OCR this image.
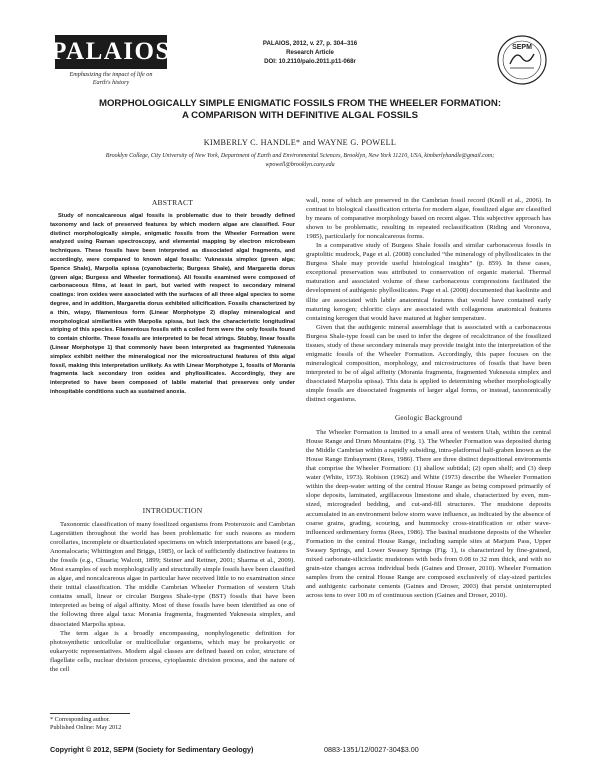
PALAIOS
Emphasizing the impact of life on
Earth's history
PALAIOS, 2012, v. 27, p. 304–316
Research Article
DOI: 10.2110/palo.2011.p11-068r
SEPM
MORPHOLOGICALLY SIMPLE ENIGMATIC FOSSILS FROM THE WHEELER FORMATION:
A COMPARISON WITH DEFINITIVE ALGAL FOSSILS
KIMBERLY C. HANDLE* and WAYNE G. POWELL
Brooklyn College, City University of New York, Department of Earth and Environmental Sciences, Brooklyn, New York 11210, USA, kimberlyhandle@gmail.com;
wpowell@brooklyn.cuny.edu
ABSTRACT

Study of noncalcareous algal fossils is problematic due to their broadly defined taxonomy and lack of preserved features by which modern algae are classified. Four distinct morphologically simple, enigmatic fossils from the Wheeler Formation were analyzed using Raman spectroscopy, and elemental mapping by electron microbeam techniques. These fossils have been interpreted as dissociated algal fragments, and accordingly, were compared to known algal fossils: Yuknessia simplex (green alga; Spence Shale), Marpolia spissa (cyanobacteria; Burgess Shale), and Margaretia dorus (green alga; Burgess and Wheeler formations). All fossils examined were composed of carbonaceous films, at least in part, but varied with respect to secondary mineral coatings: iron oxides were associated with the surfaces of all three algal species to some degree, and in addition, Margaretia dorus exhibited silicification. Fossils characterized by a thin, wispy, filamentous form (Linear Morphotype 2) display mineralogical and morphological similarities with Marpolia spissa, but lack the characteristic longitudinal striping of this species. Filamentous fossils with a coiled form were the only fossils found to contain chlorite. These fossils are interpreted to be fecal strings. Stubby, linear fossils (Linear Morphotype 1) that commonly have been interpreted as fragmented Yuknessia simplex exhibit neither the mineralogical nor the microstructural features of this algal fossil, making this interpretation unlikely. As with Linear Morphotype 1, fossils of Morania fragmenta lack secondary iron oxides and phyllosilicates. Accordingly, they are interpreted to have been composed of labile material that preserves only under inhospitable conditions such as sustained anoxia.

INTRODUCTION

Taxonomic classification of many fossilized organisms from Proterozoic and Cambrian Lagerstätten throughout the world has been problematic for such reasons as modern corollaries, incomplete or disarticulated specimens on which interpretations are based (e.g., Anomalocaris; Whittington and Briggs, 1985), or lack of sufficiently distinctive features in the fossils (e.g., Chuaria; Walcott, 1899; Steiner and Reitner, 2001; Sharma et al., 2009). Most examples of such morphologically and structurally simple fossils have been classified as algae, and noncalcareous algae in particular have received little to no examination since their initial classification. The middle Cambrian Wheeler Formation of western Utah contains small, linear or circular Burgess Shale-type (BST) fossils that have been interpreted as being of algal affinity. Most of these fossils have been identified as one of the following three algal taxa: Morania fragmenta, fragmented Yuknessia simplex, and dissociated Marpolia spissa.

The term algae is a broadly encompassing, nonphylogenetic definition for photosynthetic unicellular or multicellular organisms, which may be prokaryotic or eukaryotic representatives. Modern algal classes are defined based on color, structure of flagellate cells, nuclear division process, cytoplasmic division process, and the nature of the cell

* Corresponding author.
Published Online: May 2012

wall, none of which are preserved in the Cambrian fossil record (Knoll et al., 2006). In contrast to biological classification criteria for modern algae, fossilized algae are classified by means of comparative morphology based on recent algae. This subjective approach has shown to be problematic, resulting in repeated reclassification (Riding and Voronova, 1985), particularly for noncalcareous forms.

In a comparative study of Burgess Shale fossils and similar carbonaceous fossils in graptolitic mudrock, Page et al. (2008) concluded “the mineralogy of phyllosilicates in the Burgess Shale may provide useful histological insights” (p. 859). In these cases, exceptional preservation was attributed to conservation of organic material. Thermal maturation and associated volume of these carbonaceous compressions facilitated the development of authigenic phyllosilicates. Page et al. (2008) documented that kaolinite and illite are associated with labile anatomical features that would have contained early maturing kerogen; chloritic clays are associated with collagenous anatomical features containing kerogen that would have matured at higher temperature.

Given that the authigenic mineral assemblage that is associated with a carbonaceous Burgess Shale-type fossil can be used to infer the degree of recalcitrance of the fossilized tissues, study of these secondary minerals may provide insight into the interpretation of the enigmatic fossils of the Wheeler Formation. Accordingly, this paper focuses on the mineralogical composition, morphology, and microstructures of fossils that have been interpreted to be of algal affinity (Morania fragmenta, fragmented Yuknessia simplex and dissociated Marpolia spissa). This data is applied to determining whether morphologically simple fossils are dissociated fragments of larger algal forms, or instead, taxonomically distinct organisms.

Geologic Background

The Wheeler Formation is limited to a small area of western Utah, within the central House Range and Drum Mountains (Fig. 1). The Wheeler Formation was deposited during the Middle Cambrian within a rapidly subsiding, intra-platformal half-graben known as the House Range Embayment (Rees, 1986). There are three distinct depositional environments that comprise the Wheeler Formation: (1) shallow subtidal; (2) open shelf; and (3) deep water (White, 1973). Robison (1962) and White (1973) describe the Wheeler Formation within the deep-water setting of the central House Range as being composed primarily of slope deposits, laminated, argillaceous limestone and shale, characterized by even, mm-sized, micrograded bedding, and cut-and-fill structures. The mudstone deposits accumulated in an environment below storm wave influence, as indicated by the absence of coarse grains, grading, scouring, and hummocky cross-stratification or other wave-influenced sedimentary forms (Rees, 1986). The basinal mudstone deposits of the Wheeler Formation in the central House Range, including sample sites at Marjum Pass, Upper Swasey Springs, and Lower Swasey Springs (Fig. 1), is characterized by fine-grained, mixed carbonate-siliciclastic mudstones with beds from 0.08 to 32 mm thick, and with no grain-size changes across individual beds (Gaines and Droser, 2010). Wheeler Formation samples from the central House Range are composed exclusively of clay-sized particles and authigenic carbonate cements (Gaines and Droser, 2003) that persist uninterrupted across tens to over 100 m of continuous section (Gaines and Droser, 2010).

Copyright © 2012, SEPM (Society for Sedimentary Geology)	0883-1351/12/0027-304$3.00
